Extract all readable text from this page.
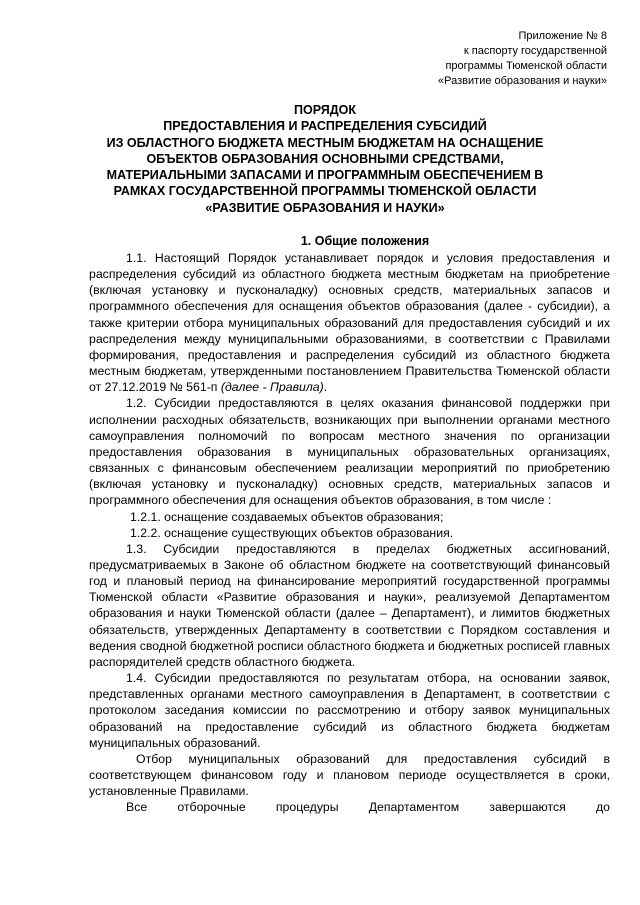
Приложение № 8
к паспорту государственной
программы Тюменской области
«Развитие образования и науки»
ПОРЯДОК
ПРЕДОСТАВЛЕНИЯ И РАСПРЕДЕЛЕНИЯ СУБСИДИЙ
ИЗ ОБЛАСТНОГО БЮДЖЕТА МЕСТНЫМ БЮДЖЕТАМ НА ОСНАЩЕНИЕ
ОБЪЕКТОВ ОБРАЗОВАНИЯ ОСНОВНЫМИ СРЕДСТВАМИ,
МАТЕРИАЛЬНЫМИ ЗАПАСАМИ И ПРОГРАММНЫМ ОБЕСПЕЧЕНИЕМ В
РАМКАХ ГОСУДАРСТВЕННОЙ ПРОГРАММЫ ТЮМЕНСКОЙ ОБЛАСТИ
«РАЗВИТИЕ ОБРАЗОВАНИЯ И НАУКИ»
1. Общие положения

1.1. Настоящий Порядок устанавливает порядок и условия предоставления и распределения субсидий из областного бюджета местным бюджетам на приобретение (включая установку и пусконаладку) основных средств, материальных запасов и программного обеспечения для оснащения объектов образования (далее - субсидии), а также критерии отбора муниципальных образований для предоставления субсидий и их распределения между муниципальными образованиями, в соответствии с Правилами формирования, предоставления и распределения субсидий из областного бюджета местным бюджетам, утвержденными постановлением Правительства Тюменской области от 27.12.2019 № 561-п (далее - Правила).

1.2. Субсидии предоставляются в целях оказания финансовой поддержки при исполнении расходных обязательств, возникающих при выполнении органами местного самоуправления полномочий по вопросам местного значения по организации предоставления образования в муниципальных образовательных организациях, связанных с финансовым обеспечением реализации мероприятий по приобретению (включая установку и пусконаладку) основных средств, материальных запасов и программного обеспечения для оснащения объектов образования, в том числе :

1.2.1. оснащение создаваемых объектов образования;

1.2.2. оснащение существующих объектов образования.

1.3. Субсидии предоставляются в пределах бюджетных ассигнований, предусматриваемых в Законе об областном бюджете на соответствующий финансовый год и плановый период на финансирование мероприятий государственной программы Тюменской области «Развитие образования и науки», реализуемой Департаментом образования и науки Тюменской области (далее – Департамент), и лимитов бюджетных обязательств, утвержденных Департаменту в соответствии с Порядком составления и ведения сводной бюджетной росписи областного бюджета и бюджетных росписей главных распорядителей средств областного бюджета.

1.4. Субсидии предоставляются по результатам отбора, на основании заявок, представленных органами местного самоуправления в Департамент, в соответствии с протоколом заседания комиссии по рассмотрению и отбору заявок муниципальных образований на предоставление субсидий из областного бюджета бюджетам муниципальных образований.

Отбор муниципальных образований для предоставления субсидий в соответствующем финансовом году и плановом периоде осуществляется в сроки, установленные Правилами.

Все отборочные процедуры Департаментом завершаются до
